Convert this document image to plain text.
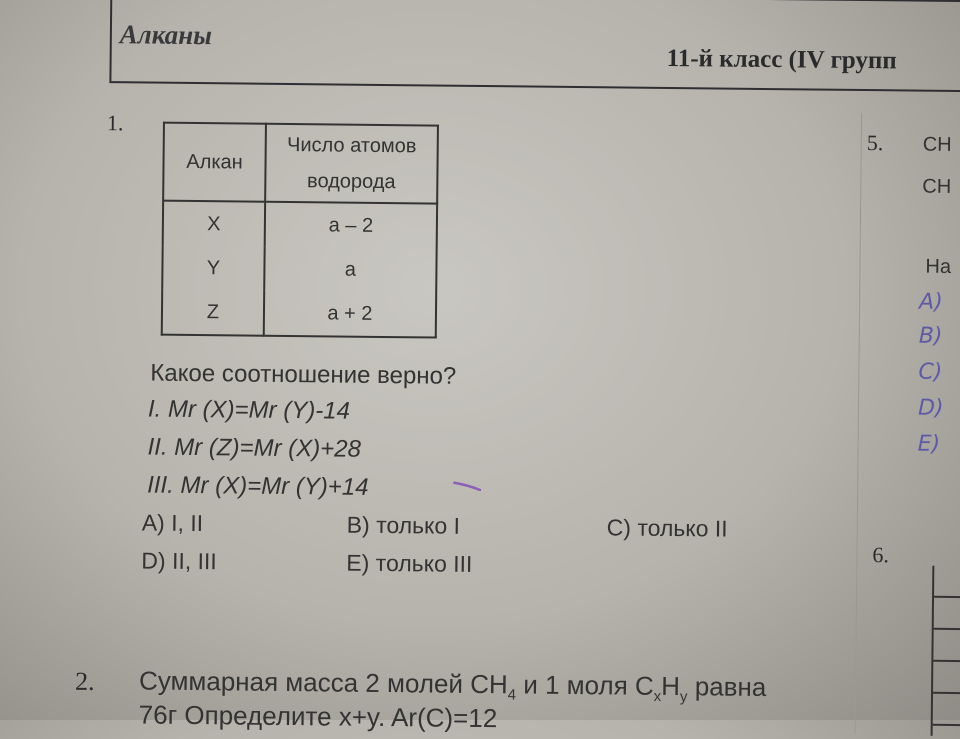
Алканы
11-й класс (IV групп
1.
Алкан	Число атомов водорода
X	a – 2
Y	a
Z	a + 2
Какое соотношение верно?
I. Mr (X)=Mr (Y)-14
II. Mr (Z)=Mr (X)+28
III. Mr (X)=Mr (Y)+14
A) I, II	B) только I	C) только II
D) II, III	E) только III
2. Суммарная масса 2 молей $CH_4$ и 1 моля $C_xH_y$ равна
76г Определите x+y. Ar(C)=12
5. CH
CH
На
A)
B)
C)
D)
E)
6.
